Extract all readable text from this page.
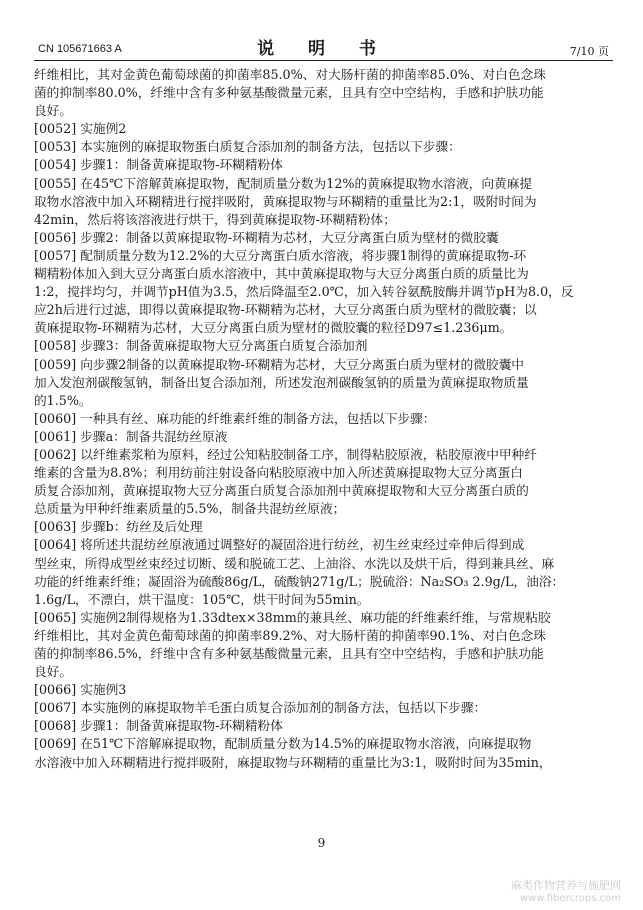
CN 105671663 A	说 明 书	7/10 页
纤维相比，其对金黄色葡萄球菌的抑菌率85.0%、对大肠杆菌的抑菌率85.0%、对白色念珠
菌的抑制率80.0%，纤维中含有多种氨基酸微量元素，且具有空中空结构，手感和护肤功能
良好。
[0052] 实施例2
[0053] 本实施例的麻提取物蛋白质复合添加剂的制备方法，包括以下步骤：
[0054] 步骤1：制备黄麻提取物-环糊精粉体
[0055] 在45℃下溶解黄麻提取物，配制质量分数为12%的黄麻提取物水溶液，向黄麻提
取物水溶液中加入环糊精进行搅拌吸附，黄麻提取物与环糊精的重量比为2:1，吸附时间为
42min，然后将该溶液进行烘干，得到黄麻提取物-环糊精粉体；
[0056] 步骤2：制备以黄麻提取物-环糊精为芯材，大豆分离蛋白质为壁材的微胶囊
[0057] 配制质量分数为12.2%的大豆分离蛋白质水溶液，将步骤1制得的黄麻提取物-环
糊精粉体加入到大豆分离蛋白质水溶液中，其中黄麻提取物与大豆分离蛋白质的质量比为
1:2，搅拌均匀，并调节pH值为3.5，然后降温至2.0℃，加入转谷氨酰胺酶并调节pH为8.0，反
应2h后进行过滤，即得以黄麻提取物-环糊精为芯材，大豆分离蛋白质为壁材的微胶囊；以
黄麻提取物-环糊精为芯材，大豆分离蛋白质为壁材的微胶囊的粒径D97≤1.236μm。
[0058] 步骤3：制备黄麻提取物大豆分离蛋白质复合添加剂
[0059] 向步骤2制备的以黄麻提取物-环糊精为芯材，大豆分离蛋白质为壁材的微胶囊中
加入发泡剂碳酸氢钠，制备出复合添加剂，所述发泡剂碳酸氢钠的质量为黄麻提取物质量
的1.5%。
[0060] 一种具有丝、麻功能的纤维素纤维的制备方法，包括以下步骤：
[0061] 步骤a：制备共混纺丝原液
[0062] 以纤维素浆粕为原料，经过公知粘胶制备工序，制得粘胶原液，粘胶原液中甲种纤
维素的含量为8.8%；利用纺前注射设备向粘胶原液中加入所述黄麻提取物大豆分离蛋白
质复合添加剂，黄麻提取物大豆分离蛋白质复合添加剂中黄麻提取物和大豆分离蛋白质的
总质量为甲种纤维素质量的5.5%，制备共混纺丝原液；
[0063] 步骤b：纺丝及后处理
[0064] 将所述共混纺丝原液通过调整好的凝固浴进行纺丝，初生丝束经过牵伸后得到成
型丝束，所得成型丝束经过切断、缓和脱硫工艺、上油浴、水洗以及烘干后，得到兼具丝、麻
功能的纤维素纤维；凝固浴为硫酸86g/L，硫酸钠271g/L；脱硫浴：Na₂SO₃ 2.9g/L，油浴：
1.6g/L，不漂白，烘干温度：105℃，烘干时间为55min。
[0065] 实施例2制得规格为1.33dtex×38mm的兼具丝、麻功能的纤维素纤维，与常规粘胶
纤维相比，其对金黄色葡萄球菌的抑菌率89.2%、对大肠杆菌的抑菌率90.1%、对白色念珠
菌的抑制率86.5%，纤维中含有多种氨基酸微量元素，且具有空中空结构，手感和护肤功能
良好。
[0066] 实施例3
[0067] 本实施例的麻提取物羊毛蛋白质复合添加剂的制备方法，包括以下步骤：
[0068] 步骤1：制备黄麻提取物-环糊精粉体
[0069] 在51℃下溶解麻提取物，配制质量分数为14.5%的麻提取物水溶液，向麻提取物
水溶液中加入环糊精进行搅拌吸附，麻提取物与环糊精的重量比为3:1，吸附时间为35min，
9
麻类作物营养与施肥网
www.fibercrops.com
